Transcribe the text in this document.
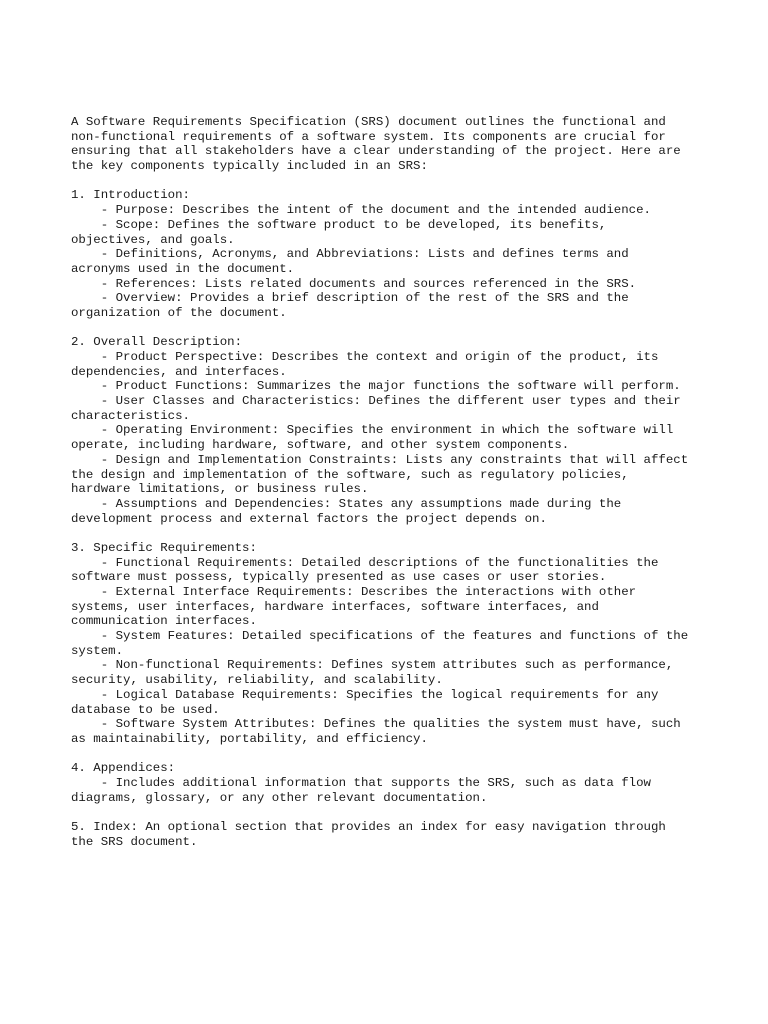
A Software Requirements Specification (SRS) document outlines the functional and
non-functional requirements of a software system. Its components are crucial for
ensuring that all stakeholders have a clear understanding of the project. Here are
the key components typically included in an SRS:
1. Introduction:
- Purpose: Describes the intent of the document and the intended audience.
- Scope: Defines the software product to be developed, its benefits,
objectives, and goals.
- Definitions, Acronyms, and Abbreviations: Lists and defines terms and
acronyms used in the document.
- References: Lists related documents and sources referenced in the SRS.
- Overview: Provides a brief description of the rest of the SRS and the
organization of the document.
2. Overall Description:
- Product Perspective: Describes the context and origin of the product, its
dependencies, and interfaces.
- Product Functions: Summarizes the major functions the software will perform.
- User Classes and Characteristics: Defines the different user types and their
characteristics.
- Operating Environment: Specifies the environment in which the software will
operate, including hardware, software, and other system components.
- Design and Implementation Constraints: Lists any constraints that will affect
the design and implementation of the software, such as regulatory policies,
hardware limitations, or business rules.
- Assumptions and Dependencies: States any assumptions made during the
development process and external factors the project depends on.
3. Specific Requirements:
- Functional Requirements: Detailed descriptions of the functionalities the
software must possess, typically presented as use cases or user stories.
- External Interface Requirements: Describes the interactions with other
systems, user interfaces, hardware interfaces, software interfaces, and
communication interfaces.
- System Features: Detailed specifications of the features and functions of the
system.
- Non-functional Requirements: Defines system attributes such as performance,
security, usability, reliability, and scalability.
- Logical Database Requirements: Specifies the logical requirements for any
database to be used.
- Software System Attributes: Defines the qualities the system must have, such
as maintainability, portability, and efficiency.
4. Appendices:
- Includes additional information that supports the SRS, such as data flow
diagrams, glossary, or any other relevant documentation.
5. Index: An optional section that provides an index for easy navigation through
the SRS document.
